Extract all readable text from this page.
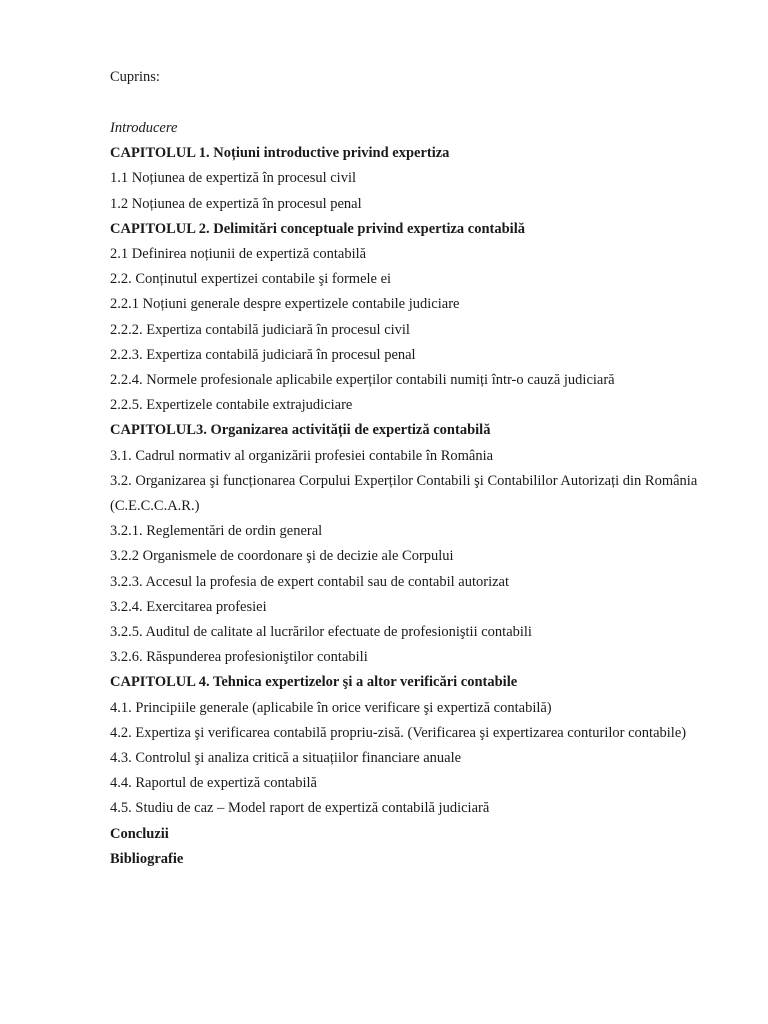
Cuprins:
Introducere
CAPITOLUL 1. Noțiuni introductive privind expertiza
1.1 Noțiunea de expertiză în procesul civil
1.2 Noțiunea de expertiză în procesul penal
CAPITOLUL 2. Delimitări conceptuale privind expertiza contabilă
2.1 Definirea noțiunii de expertiză contabilă
2.2. Conținutul expertizei contabile şi formele ei
2.2.1 Noțiuni generale despre expertizele contabile judiciare
2.2.2. Expertiza contabilă judiciară în procesul civil
2.2.3. Expertiza contabilă judiciară în procesul penal
2.2.4. Normele profesionale aplicabile experților contabili numiți într-o cauză judiciară
2.2.5. Expertizele contabile extrajudiciare
CAPITOLUL3. Organizarea activității de expertiză contabilă
3.1. Cadrul normativ al organizării profesiei contabile în România
3.2. Organizarea şi funcționarea Corpului Experților Contabili şi Contabililor Autorizați din România (C.E.C.C.A.R.)
3.2.1. Reglementări de ordin general
3.2.2 Organismele de coordonare şi de decizie ale Corpului
3.2.3. Accesul la profesia de expert contabil sau de contabil autorizat
3.2.4. Exercitarea profesiei
3.2.5. Auditul de calitate al lucrărilor efectuate de profesioniştii contabili
3.2.6. Răspunderea profesioniştilor contabili
CAPITOLUL 4. Tehnica expertizelor şi a altor verificări contabile
4.1. Principiile generale (aplicabile în orice verificare şi expertiză contabilă)
4.2. Expertiza şi verificarea contabilă propriu-zisă. (Verificarea şi expertizarea conturilor contabile)
4.3. Controlul şi analiza critică a situațiilor financiare anuale
4.4. Raportul de expertiză contabilă
4.5. Studiu de caz – Model raport de expertiză contabilă judiciară
Concluzii
Bibliografie
